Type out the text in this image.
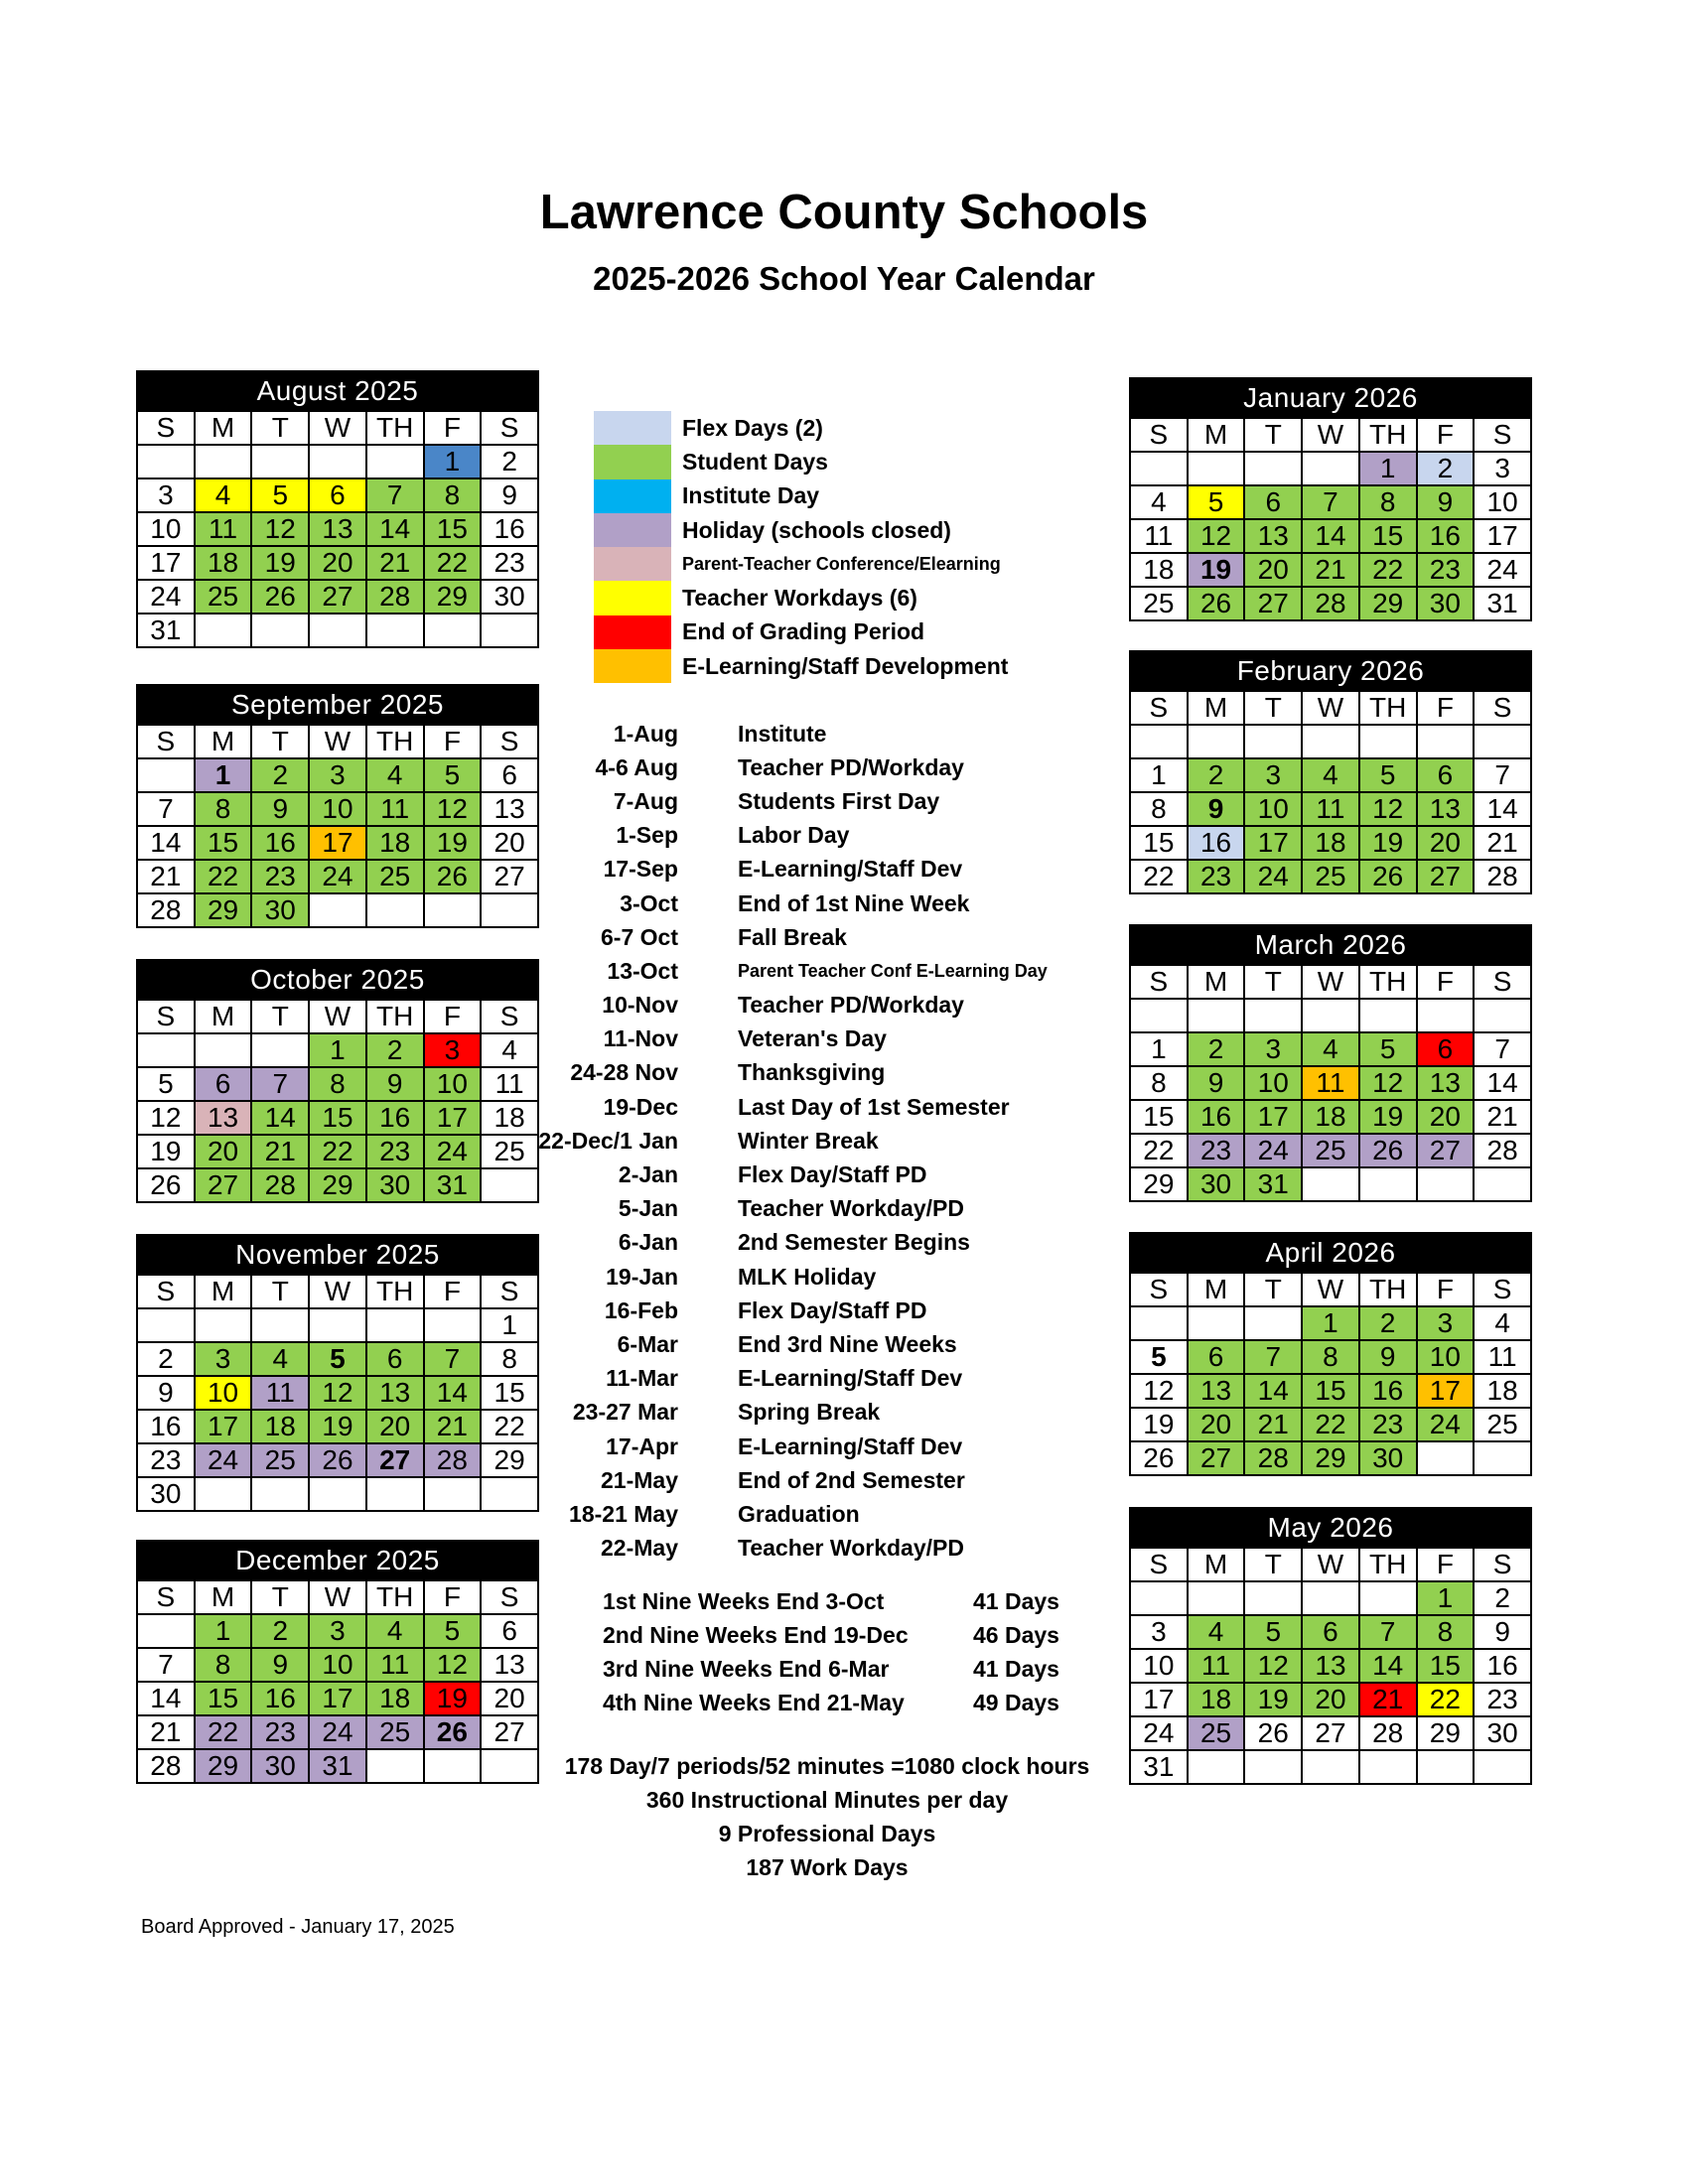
Lawrence County Schools
2025-2026 School Year Calendar
August 2025						
S	M	T	W	TH	F	S
					1	2
3	4	5	6	7	8	9
10	11	12	13	14	15	16
17	18	19	20	21	22	23
24	25	26	27	28	29	30
31						
September 2025						
S	M	T	W	TH	F	S
	1	2	3	4	5	6
7	8	9	10	11	12	13
14	15	16	17	18	19	20
21	22	23	24	25	26	27
28	29	30				
October 2025						
S	M	T	W	TH	F	S
			1	2	3	4
5	6	7	8	9	10	11
12	13	14	15	16	17	18
19	20	21	22	23	24	25
26	27	28	29	30	31	
November 2025						
S	M	T	W	TH	F	S
						1
2	3	4	5	6	7	8
9	10	11	12	13	14	15
16	17	18	19	20	21	22
23	24	25	26	27	28	29
30						
December 2025						
S	M	T	W	TH	F	S
	1	2	3	4	5	6
7	8	9	10	11	12	13
14	15	16	17	18	19	20
21	22	23	24	25	26	27
28	29	30	31			
January 2026						
S	M	T	W	TH	F	S
				1	2	3
4	5	6	7	8	9	10
11	12	13	14	15	16	17
18	19	20	21	22	23	24
25	26	27	28	29	30	31
February 2026						
S	M	T	W	TH	F	S

1	2	3	4	5	6	7
8	9	10	11	12	13	14
15	16	17	18	19	20	21
22	23	24	25	26	27	28
March 2026						
S	M	T	W	TH	F	S

1	2	3	4	5	6	7
8	9	10	11	12	13	14
15	16	17	18	19	20	21
22	23	24	25	26	27	28
29	30	31				
April 2026						
S	M	T	W	TH	F	S
			1	2	3	4
5	6	7	8	9	10	11
12	13	14	15	16	17	18
19	20	21	22	23	24	25
26	27	28	29	30		
May 2026						
S	M	T	W	TH	F	S
					1	2
3	4	5	6	7	8	9
10	11	12	13	14	15	16
17	18	19	20	21	22	23
24	25	26	27	28	29	30
31						
Flex Days (2)
Student Days
Institute Day
Holiday (schools closed)
Parent-Teacher Conference/Elearning
Teacher Workdays (6)
End of Grading Period
E-Learning/Staff Development
1-Aug	Institute
4-6 Aug	Teacher PD/Workday
7-Aug	Students First Day
1-Sep	Labor Day
17-Sep	E-Learning/Staff Dev
3-Oct	End of 1st Nine Week
6-7 Oct	Fall Break
13-Oct	Parent Teacher Conf E-Learning Day
10-Nov	Teacher PD/Workday
11-Nov	Veteran's Day
24-28 Nov	Thanksgiving
19-Dec	Last Day of 1st Semester
22-Dec/1 Jan	Winter Break
2-Jan	Flex Day/Staff PD
5-Jan	Teacher Workday/PD
6-Jan	2nd Semester Begins
19-Jan	MLK Holiday
16-Feb	Flex Day/Staff PD
6-Mar	End 3rd Nine Weeks
11-Mar	E-Learning/Staff Dev
23-27 Mar	Spring Break
17-Apr	E-Learning/Staff Dev
21-May	End of 2nd Semester
18-21 May	Graduation
22-May	Teacher Workday/PD
1st Nine Weeks End 3-Oct	41 Days
2nd Nine Weeks End 19-Dec	46 Days
3rd Nine Weeks End 6-Mar	41 Days
4th Nine Weeks End 21-May	49 Days
178 Day/7 periods/52 minutes =1080 clock hours
360 Instructional Minutes per day
9 Professional Days
187 Work Days
Board Approved - January 17, 2025
